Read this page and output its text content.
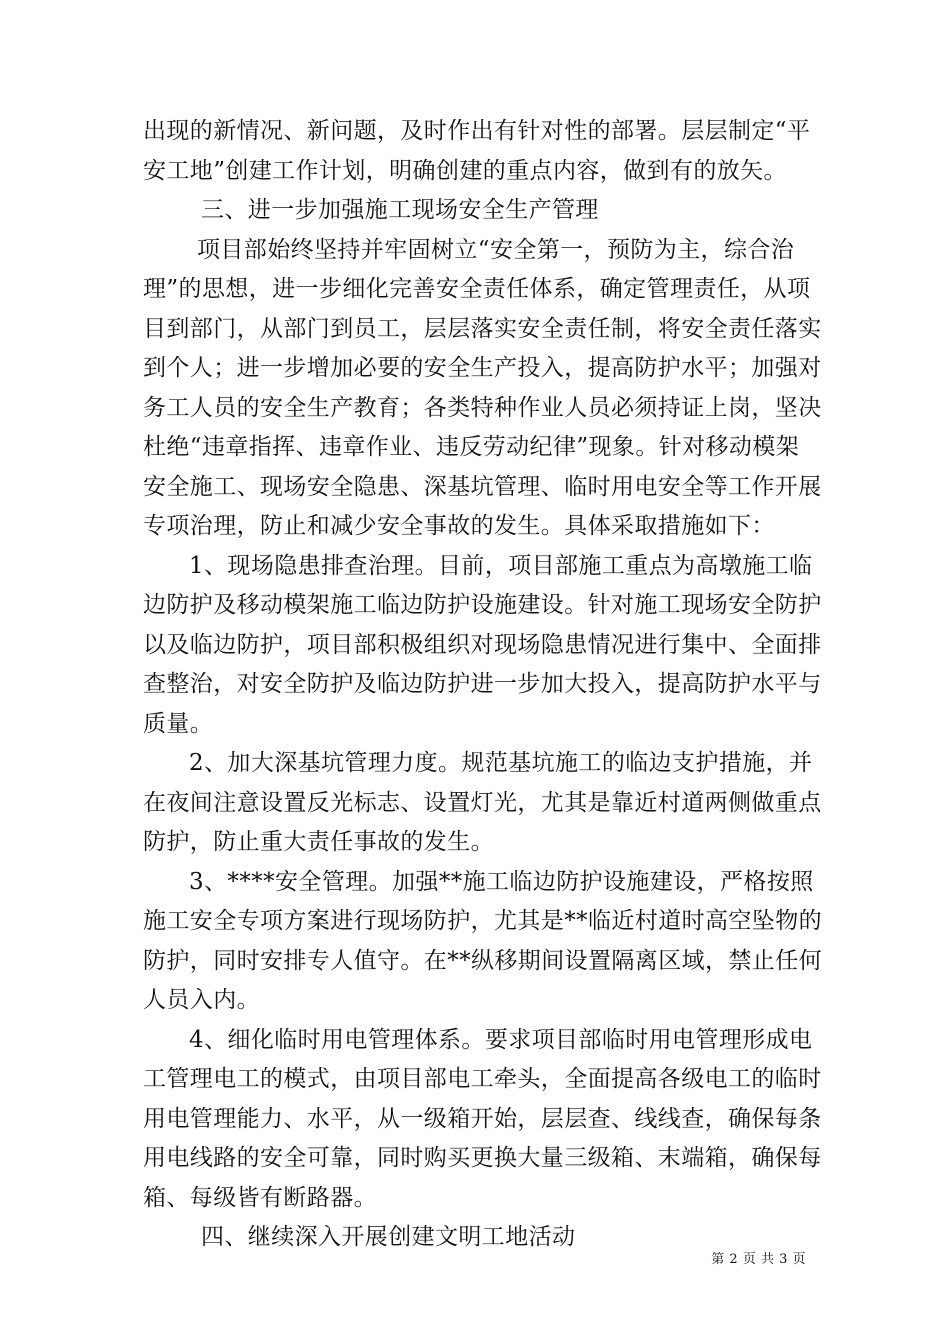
出现的新情况、新问题，及时作出有针对性的部署。层层制定“平
安工地”创建工作计划，明确创建的重点内容，做到有的放矢。

三、进一步加强施工现场安全生产管理

项目部始终坚持并牢固树立“安全第一，预防为主，综合治
理”的思想，进一步细化完善安全责任体系，确定管理责任，从项
目到部门，从部门到员工，层层落实安全责任制，将安全责任落实
到个人；进一步增加必要的安全生产投入，提高防护水平；加强对
务工人员的安全生产教育；各类特种作业人员必须持证上岗，坚决
杜绝“违章指挥、违章作业、违反劳动纪律”现象。针对移动模架
安全施工、现场安全隐患、深基坑管理、临时用电安全等工作开展
专项治理，防止和减少安全事故的发生。具体采取措施如下：

1、现场隐患排查治理。目前，项目部施工重点为高墩施工临
边防护及移动模架施工临边防护设施建设。针对施工现场安全防护
以及临边防护，项目部积极组织对现场隐患情况进行集中、全面排
查整治，对安全防护及临边防护进一步加大投入，提高防护水平与
质量。

2、加大深基坑管理力度。规范基坑施工的临边支护措施，并
在夜间注意设置反光标志、设置灯光，尤其是靠近村道两侧做重点
防护，防止重大责任事故的发生。

3、****安全管理。加强**施工临边防护设施建设，严格按照
施工安全专项方案进行现场防护，尤其是**临近村道时高空坠物的
防护，同时安排专人值守。在**纵移期间设置隔离区域，禁止任何
人员入内。

4、细化临时用电管理体系。要求项目部临时用电管理形成电
工管理电工的模式，由项目部电工牵头，全面提高各级电工的临时
用电管理能力、水平，从一级箱开始，层层查、线线查，确保每条
用电线路的安全可靠，同时购买更换大量三级箱、末端箱，确保每
箱、每级皆有断路器。

四、继续深入开展创建文明工地活动

第 2 页 共 3 页
